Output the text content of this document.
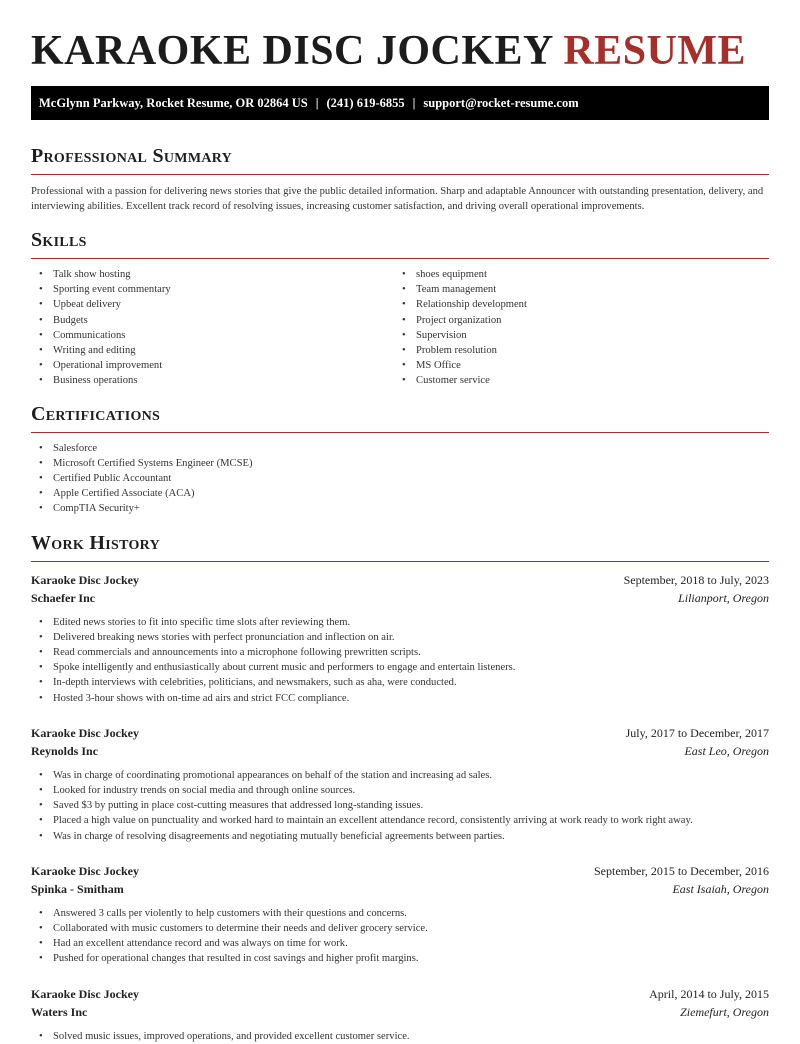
KARAOKE DISC JOCKEY RESUME
McGlynn Parkway, Rocket Resume, OR 02864 US | (241) 619-6855 | support@rocket-resume.com
Professional Summary

Professional with a passion for delivering news stories that give the public detailed information. Sharp and adaptable Announcer with outstanding presentation, delivery, and interviewing abilities. Excellent track record of resolving issues, increasing customer satisfaction, and driving overall operational improvements.

Skills
• Talk show hosting
• Sporting event commentary
• Upbeat delivery
• Budgets
• Communications
• Writing and editing
• Operational improvement
• Business operations
• shoes equipment
• Team management
• Relationship development
• Project organization
• Supervision
• Problem resolution
• MS Office
• Customer service
Certifications
• Salesforce
• Microsoft Certified Systems Engineer (MCSE)
• Certified Public Accountant
• Apple Certified Associate (ACA)
• CompTIA Security+
Work History
Karaoke Disc Jockey	September, 2018 to July, 2023
Schaefer Inc	Lilianport, Oregon
• Edited news stories to fit into specific time slots after reviewing them.
• Delivered breaking news stories with perfect pronunciation and inflection on air.
• Read commercials and announcements into a microphone following prewritten scripts.
• Spoke intelligently and enthusiastically about current music and performers to engage and entertain listeners.
• In-depth interviews with celebrities, politicians, and newsmakers, such as aha, were conducted.
• Hosted 3-hour shows with on-time ad airs and strict FCC compliance.
Karaoke Disc Jockey	July, 2017 to December, 2017
Reynolds Inc	East Leo, Oregon
• Was in charge of coordinating promotional appearances on behalf of the station and increasing ad sales.
• Looked for industry trends on social media and through online sources.
• Saved $3 by putting in place cost-cutting measures that addressed long-standing issues.
• Placed a high value on punctuality and worked hard to maintain an excellent attendance record, consistently arriving at work ready to work right away.
• Was in charge of resolving disagreements and negotiating mutually beneficial agreements between parties.
Karaoke Disc Jockey	September, 2015 to December, 2016
Spinka - Smitham	East Isaiah, Oregon
• Answered 3 calls per violently to help customers with their questions and concerns.
• Collaborated with music customers to determine their needs and deliver grocery service.
• Had an excellent attendance record and was always on time for work.
• Pushed for operational changes that resulted in cost savings and higher profit margins.
Karaoke Disc Jockey	April, 2014 to July, 2015
Waters Inc	Ziemefurt, Oregon
• Solved music issues, improved operations, and provided excellent customer service.
